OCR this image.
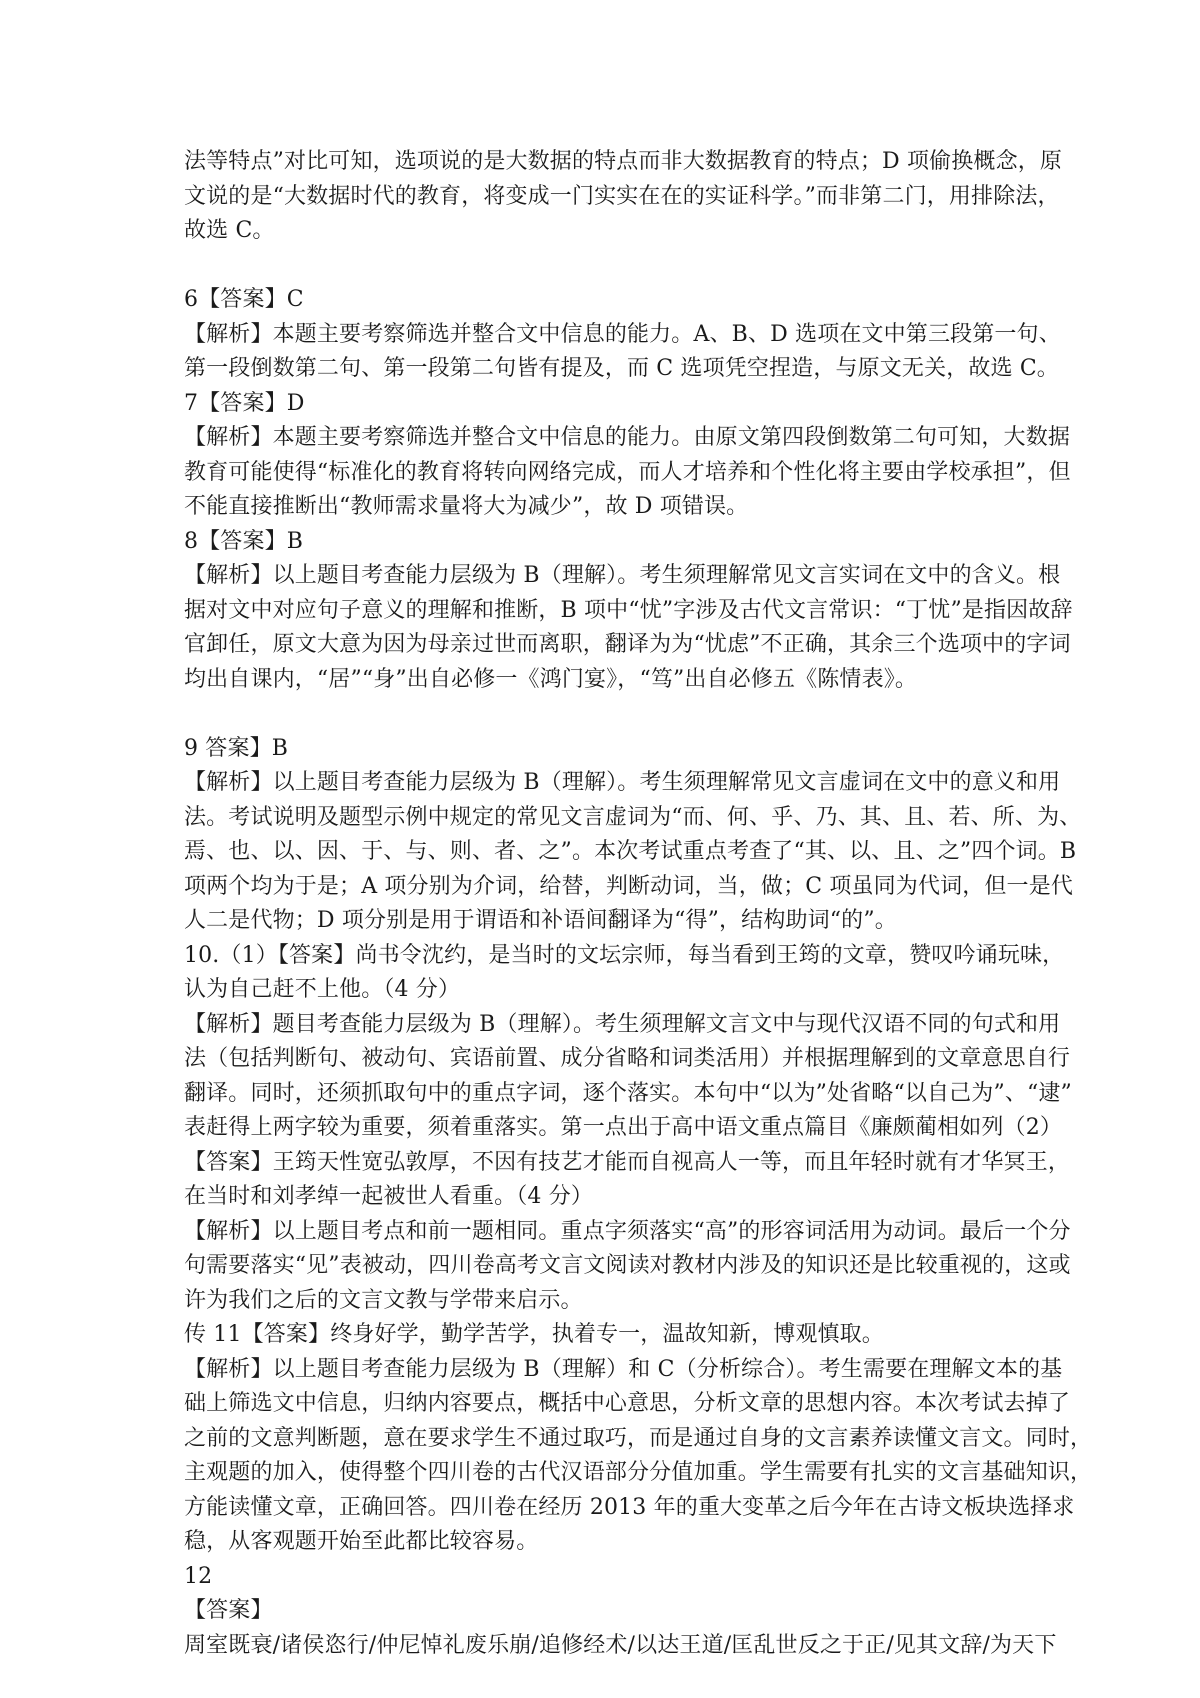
法等特点”对比可知，选项说的是大数据的特点而非大数据教育的特点；D 项偷换概念，原
文说的是“大数据时代的教育，将变成一门实实在在的实证科学。”而非第二门，用排除法，
故选 C。
6【答案】C
【解析】本题主要考察筛选并整合文中信息的能力。A、B、D 选项在文中第三段第一句、
第一段倒数第二句、第一段第二句皆有提及，而 C 选项凭空捏造，与原文无关，故选 C。
7【答案】D
【解析】本题主要考察筛选并整合文中信息的能力。由原文第四段倒数第二句可知，大数据
教育可能使得“标准化的教育将转向网络完成，而人才培养和个性化将主要由学校承担”，但
不能直接推断出“教师需求量将大为减少”，故 D 项错误。
8【答案】B
【解析】以上题目考查能力层级为 B（理解）。考生须理解常见文言实词在文中的含义。根
据对文中对应句子意义的理解和推断，B 项中“忧”字涉及古代文言常识：“丁忧”是指因故辞
官卸任，原文大意为因为母亲过世而离职，翻译为为“忧虑”不正确，其余三个选项中的字词
均出自课内，“居”“身”出自必修一《鸿门宴》，“笃”出自必修五《陈情表》。
9 答案】B
【解析】以上题目考查能力层级为 B（理解）。考生须理解常见文言虚词在文中的意义和用
法。考试说明及题型示例中规定的常见文言虚词为“而、何、乎、乃、其、且、若、所、为、
焉、也、以、因、于、与、则、者、之”。本次考试重点考查了“其、以、且、之”四个词。B
项两个均为于是；A 项分别为介词，给替，判断动词，当，做；C 项虽同为代词，但一是代
人二是代物；D 项分别是用于谓语和补语间翻译为“得”，结构助词“的”。
10.（1）【答案】尚书令沈约，是当时的文坛宗师，每当看到王筠的文章，赞叹吟诵玩味，
认为自己赶不上他。（4 分）
【解析】题目考查能力层级为 B（理解）。考生须理解文言文中与现代汉语不同的句式和用
法（包括判断句、被动句、宾语前置、成分省略和词类活用）并根据理解到的文章意思自行
翻译。同时，还须抓取句中的重点字词，逐个落实。本句中“以为”处省略“以自己为”、“逮”
表赶得上两字较为重要，须着重落实。第一点出于高中语文重点篇目《廉颇蔺相如列（2）
【答案】王筠天性宽弘敦厚，不因有技艺才能而自视高人一等，而且年轻时就有才华冥王，
在当时和刘孝绰一起被世人看重。（4 分）
【解析】以上题目考点和前一题相同。重点字须落实“高”的形容词活用为动词。最后一个分
句需要落实“见”表被动，四川卷高考文言文阅读对教材内涉及的知识还是比较重视的，这或
许为我们之后的文言文教与学带来启示。
传 11【答案】终身好学，勤学苦学，执着专一，温故知新，博观慎取。
【解析】以上题目考查能力层级为 B（理解）和 C（分析综合）。考生需要在理解文本的基
础上筛选文中信息，归纳内容要点，概括中心意思，分析文章的思想内容。本次考试去掉了
之前的文意判断题，意在要求学生不通过取巧，而是通过自身的文言素养读懂文言文。同时，
主观题的加入，使得整个四川卷的古代汉语部分分值加重。学生需要有扎实的文言基础知识，
方能读懂文章，正确回答。四川卷在经历 2013 年的重大变革之后今年在古诗文板块选择求
稳，从客观题开始至此都比较容易。
12
【答案】
周室既衰/诸侯恣行/仲尼悼礼废乐崩/追修经术/以达王道/匡乱世反之于正/见其文辞/为天下
